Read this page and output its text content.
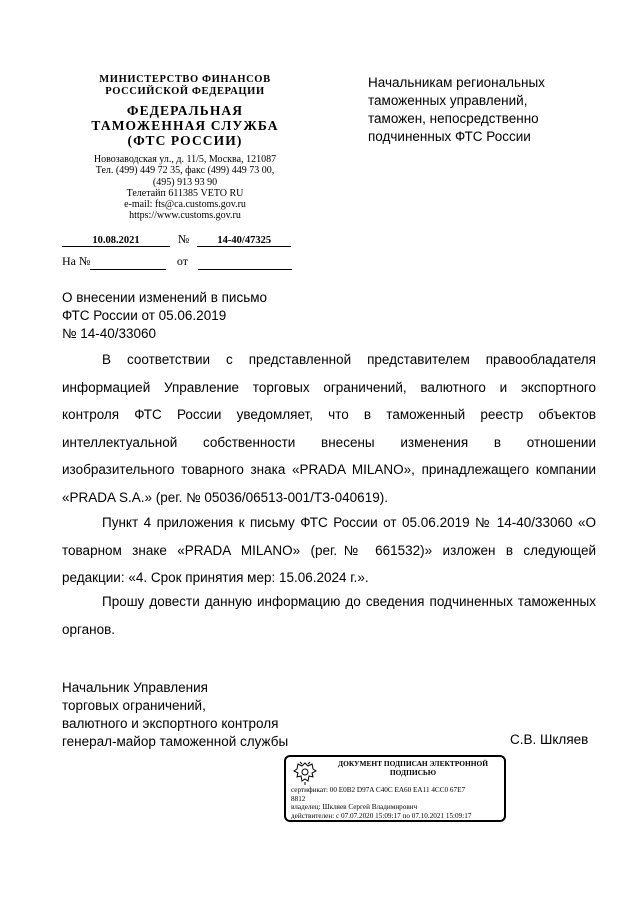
МИНИСТЕРСТВО ФИНАНСОВ
РОССИЙСКОЙ ФЕДЕРАЦИИ
ФЕДЕРАЛЬНАЯ
ТАМОЖЕННАЯ СЛУЖБА
(ФТС РОССИИ)
Новозаводская ул., д. 11/5, Москва, 121087
Тел. (499) 449 72 35, факс (499) 449 73 00,
(495) 913 93 90
Телетайп 611385 VETO RU
e-mail: fts@ca.customs.gov.ru
https://www.customs.gov.ru
10.08.2021	№	14-40/47325
На №	от
Начальникам региональных
таможенных управлений,
таможен, непосредственно
подчиненных ФТС России
О внесении изменений в письмо
ФТС России от 05.06.2019
№ 14-40/33060

В соответствии с представленной представителем правообладателя информацией Управление торговых ограничений, валютного и экспортного контроля ФТС России уведомляет, что в таможенный реестр объектов интеллектуальной собственности внесены изменения в отношении изобразительного товарного знака «PRADA MILANO», принадлежащего компании «PRADA S.A.» (рег. № 05036/06513-001/ТЗ-040619).

Пункт 4 приложения к письму ФТС России от 05.06.2019 № 14-40/33060 «О товарном знаке «PRADA MILANO» (рег.№ 661532)» изложен в следующей редакции: «4. Срок принятия мер: 15.06.2024 г.».

Прошу довести данную информацию до сведения подчиненных таможенных органов.

Начальник Управления
торговых ограничений,
валютного и экспортного контроля
генерал-майор таможенной службы	С.В. Шкляев
ДОКУМЕНТ ПОДПИСАН ЭЛЕКТРОННОЙ
ПОДПИСЬЮ
сертификат: 00 E0B2 D97A C40C EA60 EA11 4CC0 67E7
8812
владелец: Шкляев Сергей Владимирович
действителен: с 07.07.2020 15:09:17 по 07.10.2021 15:09:17
